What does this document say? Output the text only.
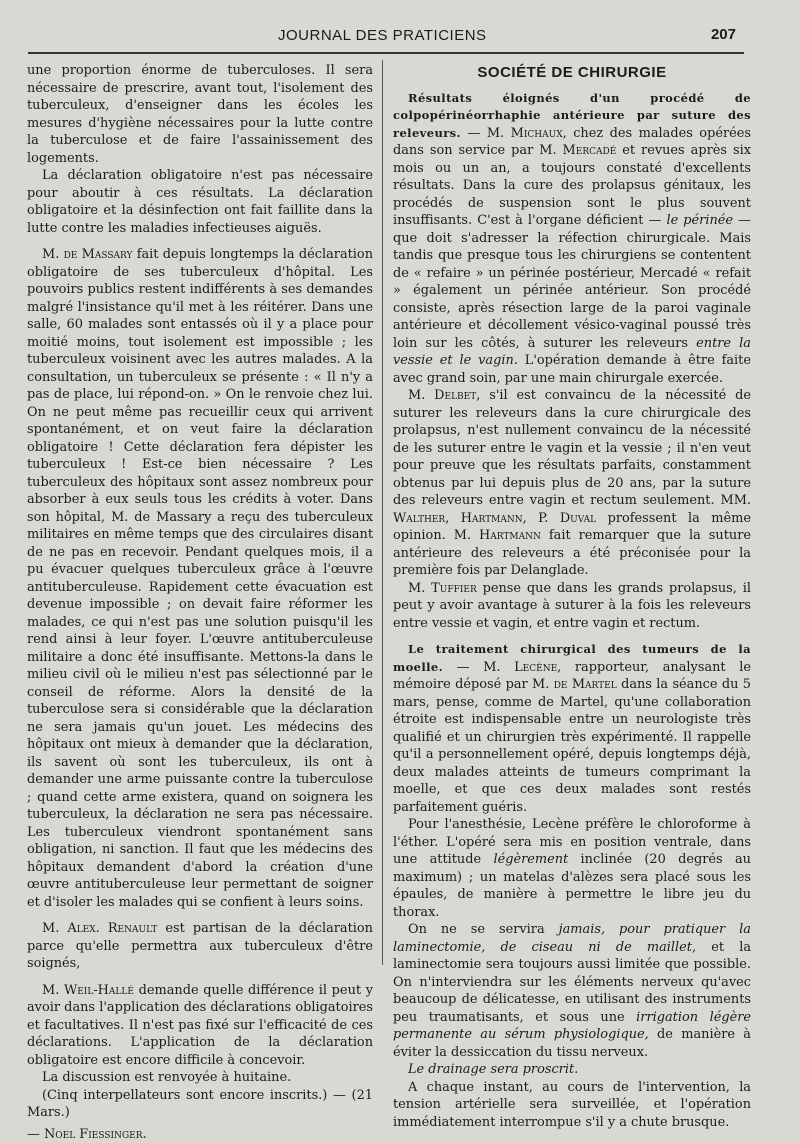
JOURNAL DES PRATICIENS	207

une proportion énorme de tuberculoses. Il sera nécessaire de prescrire, avant tout, l'isolement des tuberculeux, d'enseigner dans les écoles les mesures d'hygiène nécessaires pour la lutte contre la tuberculose et de faire l'assainissement des logements.

La déclaration obligatoire n'est pas nécessaire pour aboutir à ces résultats. La déclaration obligatoire et la désinfection ont fait faillite dans la lutte contre les maladies infectieuses aiguës.

M. de Massary fait depuis longtemps la déclaration obligatoire de ses tuberculeux d'hôpital. Les pouvoirs publics restent indifférents à ses demandes malgré l'insistance qu'il met à les réitérer. Dans une salle, 60 malades sont entassés où il y a place pour moitié moins, tout isolement est impossible ; les tuberculeux voisinent avec les autres malades. A la consultation, un tuberculeux se présente : « Il n'y a pas de place, lui répond-on. » On le renvoie chez lui. On ne peut même pas recueillir ceux qui arrivent spontanément, et on veut faire la déclaration obligatoire ! Cette déclaration fera dépister les tuberculeux ! Est-ce bien nécessaire ? Les tuberculeux des hôpitaux sont assez nombreux pour absorber à eux seuls tous les crédits à voter. Dans son hôpital, M. de Massary a reçu des tuberculeux militaires en même temps que des circulaires disant de ne pas en recevoir. Pendant quelques mois, il a pu évacuer quelques tuberculeux grâce à l'œuvre antituberculeuse. Rapidement cette évacuation est devenue impossible ; on devait faire réformer les malades, ce qui n'est pas une solution puisqu'il les rend ainsi à leur foyer. L'œuvre antituberculeuse militaire a donc été insuffisante. Mettons-la dans le milieu civil où le milieu n'est pas sélectionné par le conseil de réforme. Alors la densité de la tuberculose sera si considérable que la déclaration ne sera jamais qu'un jouet. Les médecins des hôpitaux ont mieux à demander que la déclaration, ils savent où sont les tuberculeux, ils ont à demander une arme puissante contre la tuberculose ; quand cette arme existera, quand on soignera les tuberculeux, la déclaration ne sera pas nécessaire. Les tuberculeux viendront spontanément sans obligation, ni sanction. Il faut que les médecins des hôpitaux demandent d'abord la création d'une œuvre antituberculeuse leur permettant de soigner et d'isoler les malades qui se confient à leurs soins.

M. Alex. Renault est partisan de la déclaration parce qu'elle permettra aux tuberculeux d'être soignés,

M. Weil-Hallé demande quelle différence il peut y avoir dans l'application des déclarations obligatoires et facultatives. Il n'est pas fixé sur l'efficacité de ces déclarations. L'application de la déclaration obligatoire est encore difficile à concevoir.

La discussion est renvoyée à huitaine.

(Cinq interpellateurs sont encore inscrits.) — (21 Mars.)

— Noel Fiessinger.

SOCIÉTÉ DE CHIRURGIE

Résultats éloignés d'un procédé de colpopérinéorrhaphie antérieure par suture des releveurs. — M. Michaux, chez des malades opérées dans son service par M. Mercadé et revues après six mois ou un an, a toujours constaté d'excellents résultats. Dans la cure des prolapsus génitaux, les procédés de suspension sont le plus souvent insuffisants. C'est à l'organe déficient — le périnée — que doit s'adresser la réfection chirurgicale. Mais tandis que presque tous les chirurgiens se contentent de « refaire » un périnée postérieur, Mercadé « refait » également un périnée antérieur. Son procédé consiste, après résection large de la paroi vaginale antérieure et décollement vésico-vaginal poussé très loin sur les côtés, à suturer les releveurs entre la vessie et le vagin. L'opération demande à être faite avec grand soin, par une main chirurgale exercée.

M. Delbet, s'il est convaincu de la nécessité de suturer les releveurs dans la cure chirurgicale des prolapsus, n'est nullement convaincu de la nécessité de les suturer entre le vagin et la vessie ; il n'en veut pour preuve que les résultats parfaits, constamment obtenus par lui depuis plus de 20 ans, par la suture des releveurs entre vagin et rectum seulement. MM. Walther, Hartmann, P. Duval professent la même opinion. M. Hartmann fait remarquer que la suture antérieure des releveurs a été préconisée pour la première fois par Delanglade.

M. Tuffier pense que dans les grands prolapsus, il peut y avoir avantage à suturer à la fois les releveurs entre vessie et vagin, et entre vagin et rectum.

Le traitement chirurgical des tumeurs de la moelle. — M. Lecène, rapporteur, analysant le mémoire déposé par M. de Martel dans la séance du 5 mars, pense, comme de Martel, qu'une collaboration étroite est indispensable entre un neurologiste très qualifié et un chirurgien très expérimenté. Il rappelle qu'il a personnellement opéré, depuis longtemps déjà, deux malades atteints de tumeurs comprimant la moelle, et que ces deux malades sont restés parfaitement guéris.

Pour l'anesthésie, Lecène préfère le chloroforme à l'éther. L'opéré sera mis en position ventrale, dans une attitude légèrement inclinée (20 degrés au maximum) ; un matelas d'alèzes sera placé sous les épaules, de manière à permettre le libre jeu du thorax.

On ne se servira jamais, pour pratiquer la laminectomie, de ciseau ni de maillet, et la laminectomie sera toujours aussi limitée que possible. On n'interviendra sur les éléments nerveux qu'avec beaucoup de délicatesse, en utilisant des instruments peu traumatisants, et sous une irrigation légère permanente au sérum physiologique, de manière à éviter la dessiccation du tissu nerveux.

Le drainage sera proscrit.

A chaque instant, au cours de l'intervention, la tension artérielle sera surveillée, et l'opération immédiatement interrompue s'il y a chute brusque.
